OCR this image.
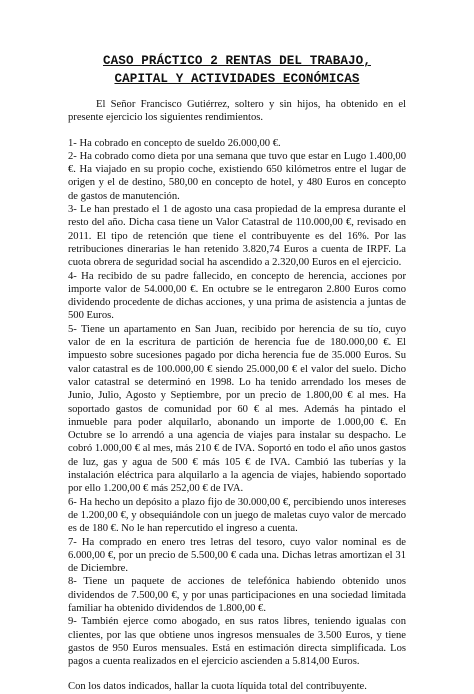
CASO PRÁCTICO 2 RENTAS DEL TRABAJO,
CAPITAL Y ACTIVIDADES ECONÓMICAS

El Señor Francisco Gutiérrez, soltero y sin hijos, ha obtenido en el presente ejercicio los siguientes rendimientos.

1- Ha cobrado en concepto de sueldo 26.000,00 €.

2- Ha cobrado como dieta por una semana que tuvo que estar en Lugo 1.400,00 €. Ha viajado en su propio coche, existiendo 650 kilómetros entre el lugar de origen y el de destino, 580,00 en concepto de hotel, y 480 Euros en concepto de gastos de manutención.

3- Le han prestado el 1 de agosto una casa propiedad de la empresa durante el resto del año. Dicha casa tiene un Valor Catastral de 110.000,00 €, revisado en 2011. El tipo de retención que tiene el contribuyente es del 16%. Por las retribuciones dinerarias le han retenido 3.820,74 Euros a cuenta de IRPF. La cuota obrera de seguridad social ha ascendido a 2.320,00 Euros en el ejercicio.

4- Ha recibido de su padre fallecido, en concepto de herencia, acciones por importe valor de 54.000,00 €. En octubre se le entregaron 2.800 Euros como dividendo procedente de dichas acciones, y una prima de asistencia a juntas de 500 Euros.

5- Tiene un apartamento en San Juan, recibido por herencia de su tío, cuyo valor de en la escritura de partición de herencia fue de 180.000,00 €. El impuesto sobre sucesiones pagado por dicha herencia fue de 35.000 Euros. Su valor catastral es de 100.000,00 € siendo 25.000,00 € el valor del suelo. Dicho valor catastral se determinó en 1998. Lo ha tenido arrendado los meses de Junio, Julio, Agosto y Septiembre, por un precio de 1.800,00 € al mes. Ha soportado gastos de comunidad por 60 € al mes. Además ha pintado el inmueble para poder alquilarlo, abonando un importe de 1.000,00 €. En Octubre se lo arrendó a una agencia de viajes para instalar su despacho. Le cobró 1.000,00 € al mes, más 210 € de IVA. Soportó en todo el año unos gastos de luz, gas y agua de 500 € más 105 € de IVA. Cambió las tuberías y la instalación eléctrica para alquilarlo a la agencia de viajes, habiendo soportado por ello 1.200,00 € más 252,00 € de IVA.

6- Ha hecho un depósito a plazo fijo de 30.000,00 €, percibiendo unos intereses de 1.200,00 €, y obsequiándole con un juego de maletas cuyo valor de mercado es de 180 €. No le han repercutido el ingreso a cuenta.

7- Ha comprado en enero tres letras del tesoro, cuyo valor nominal es de 6.000,00 €, por un precio de 5.500,00 € cada una. Dichas letras amortizan el 31 de Diciembre.

8- Tiene un paquete de acciones de telefónica habiendo obtenido unos dividendos de 7.500,00 €, y por unas participaciones en una sociedad limitada familiar ha obtenido dividendos de 1.800,00 €.

9- También ejerce como abogado, en sus ratos libres, teniendo igualas con clientes, por las que obtiene unos ingresos mensuales de 3.500 Euros, y tiene gastos de 950 Euros mensuales. Está en estimación directa simplificada. Los pagos a cuenta realizados en el ejercicio ascienden a 5.814,00 Euros.

Con los datos indicados, hallar la cuota líquida total del contribuyente.
